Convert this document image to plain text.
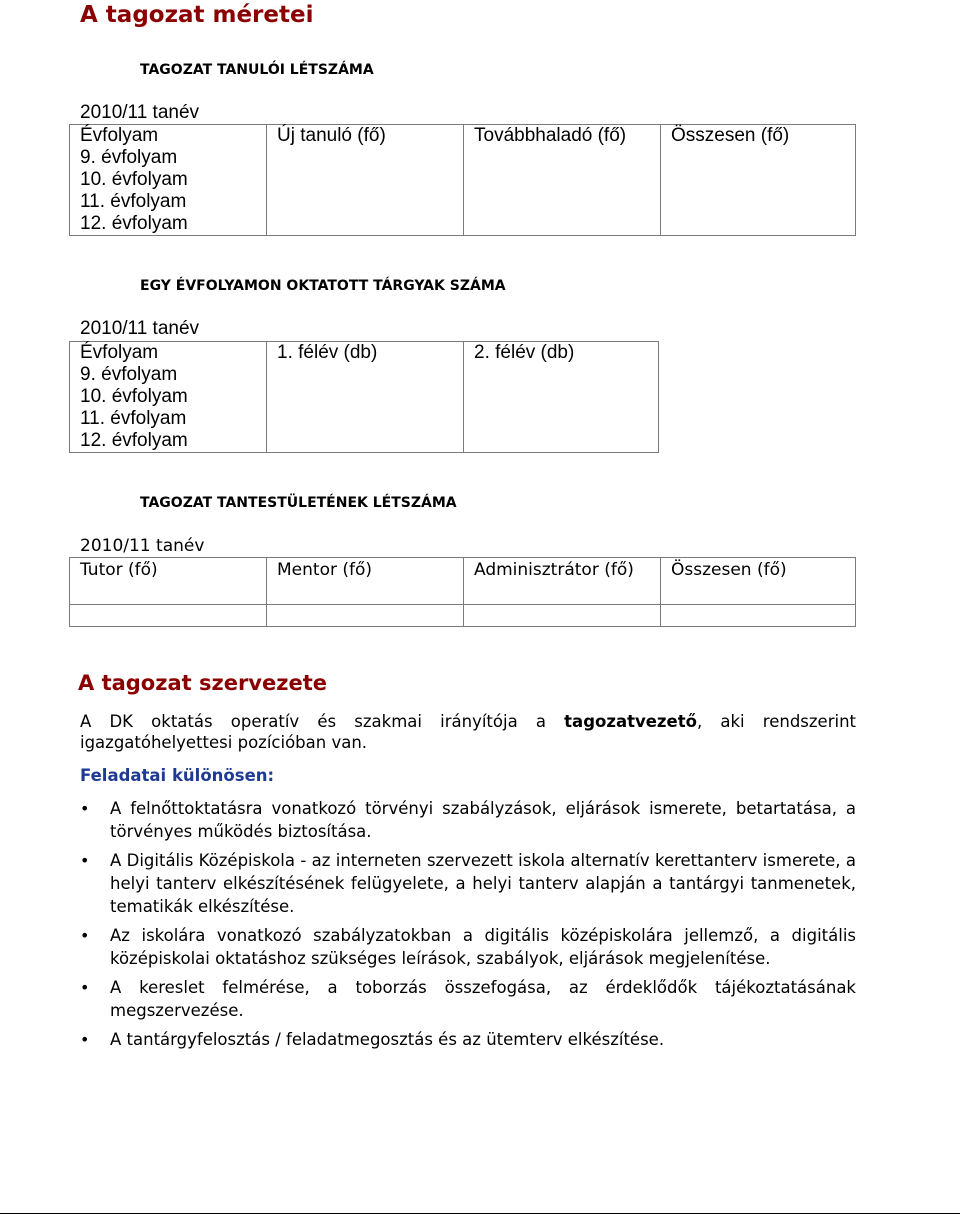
A tagozat méretei

TAGOZAT TANULÓI LÉTSZÁMA

2010/11 tanév

Évfolyam	Új tanuló (fő)	Továbbhaladó (fő)	Összesen (fő)
9. évfolyam			
10. évfolyam			
11. évfolyam			
12. évfolyam			

EGY ÉVFOLYAMON OKTATOTT TÁRGYAK SZÁMA

2010/11 tanév

Évfolyam	1. félév (db)	2. félév (db)
9. évfolyam		
10. évfolyam		
11. évfolyam		
12. évfolyam		

TAGOZAT TANTESTÜLETÉNEK LÉTSZÁMA

2010/11 tanév

Tutor (fő)	Mentor (fő)	Adminisztrátor (fő)	Összesen (fő)

A tagozat szervezete

A DK oktatás operatív és szakmai irányítója a tagozatvezető, aki rendszerint igazgatóhelyettesi pozícióban van.

Feladatai különösen:

• A felnőttoktatásra vonatkozó törvényi szabályzások, eljárások ismerete, betartatása, a törvényes működés biztosítása.
• A Digitális Középiskola - az interneten szervezett iskola alternatív kerettanterv ismerete, a helyi tanterv elkészítésének felügyelete, a helyi tanterv alapján a tantárgyi tanmenetek, tematikák elkészítése.
• Az iskolára vonatkozó szabályzatokban a digitális középiskolára jellemző, a digitális középiskolai oktatáshoz szükséges leírások, szabályok, eljárások megjelenítése.
• A kereslet felmérése, a toborzás összefogása, az érdeklődők tájékoztatásának megszervezése.
• A tantárgyfelosztás / feladatmegosztás és az ütemterv elkészítése.
